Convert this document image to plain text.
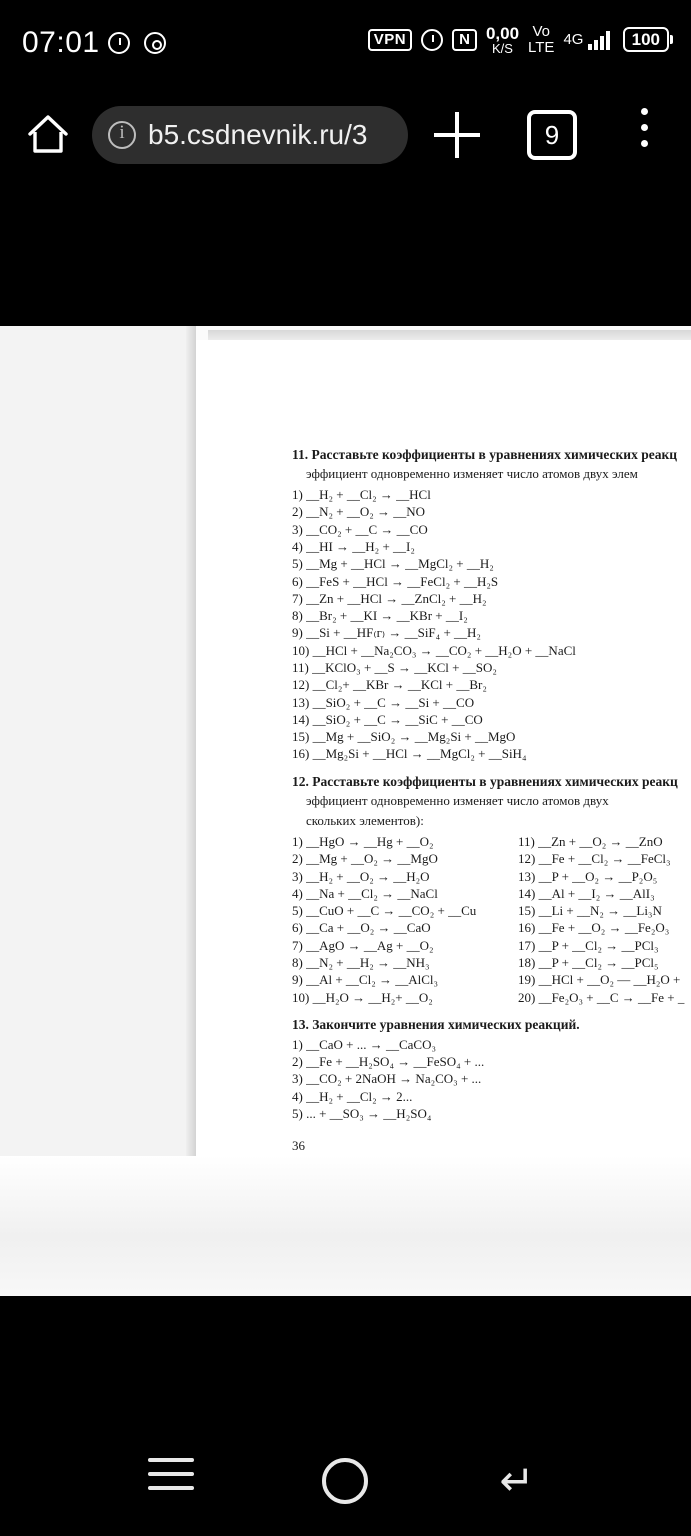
07:01	VPN	N 0,00
K/S
Vo
LTE 4G	100
i
b5.csdnevnik.ru/3	9

11. Расставьте коэффициенты в уравнениях химических реакц

эффициент одновременно изменяет число атомов двух элем

1) __H₂ + __Cl₂ → __HCl
2) __N₂ + __O₂ → __NO
3) __CO₂ + __C → __CO
4) __HI → __H₂ + __I₂
5) __Mg + __HCl → __MgCl₂ + __H₂
6) __FeS + __HCl → __FeCl₂ + __H₂S
7) __Zn + __HCl → __ZnCl₂ + __H₂
8) __Br₂ + __KI → __KBr + __I₂
9) __Si + __HF₍г₎ → __SiF₄ + __H₂
10) __HCl + __Na₂CO₃ → __CO₂ + __H₂O + __NaCl
11) __KClO₃ + __S → __KCl + __SO₂
12) __Cl₂+ __KBr → __KCl + __Br₂
13) __SiO₂ + __C → __Si + __CO
14) __SiO₂ + __C → __SiC + __CO
15) __Mg + __SiO₂ → __Mg₂Si + __MgO
16) __Mg₂Si + __HCl → __MgCl₂ + __SiH₄

12. Расставьте коэффициенты в уравнениях химических реакц

эффициент одновременно изменяет число атомов двух

скольких элементов):

1) __HgO → __Hg + __O₂
2) __Mg + __O₂ → __MgO
3) __H₂ + __O₂ → __H₂O
4) __Na + __Cl₂ → __NaCl
5) __CuO + __C → __CO₂ + __Cu
6) __Ca + __O₂ → __CaO
7) __AgO → __Ag + __O₂
8) __N₂ + __H₂ → __NH₃
9) __Al + __Cl₂ → __AlCl₃
10) __H₂O → __H₂+ __O₂
11) __Zn + __O₂ → __ZnO
12) __Fe + __Cl₂ → __FeCl₃
13) __P + __O₂ → __P₂O₅
14) __Al + __I₂ → __AlI₃
15) __Li + __N₂ → __Li₃N
16) __Fe + __O₂ → __Fe₂O₃
17) __P + __Cl₂ → __PCl₃
18) __P + __Cl₂ → __PCl₅
19) __HCl + __O₂ — __H₂O +
20) __Fe₂O₃ + __C → __Fe + _

13. Закончите уравнения химических реакций.

1) __CaO + ... → __CaCO₃
2) __Fe + __H₂SO₄ → __FeSO₄ + ...
3) __CO₂ + 2NaOH → Na₂CO₃ + ...
4) __H₂ + __Cl₂ → 2...
5) ... + __SO₃ → __H₂SO₄
36
↵
